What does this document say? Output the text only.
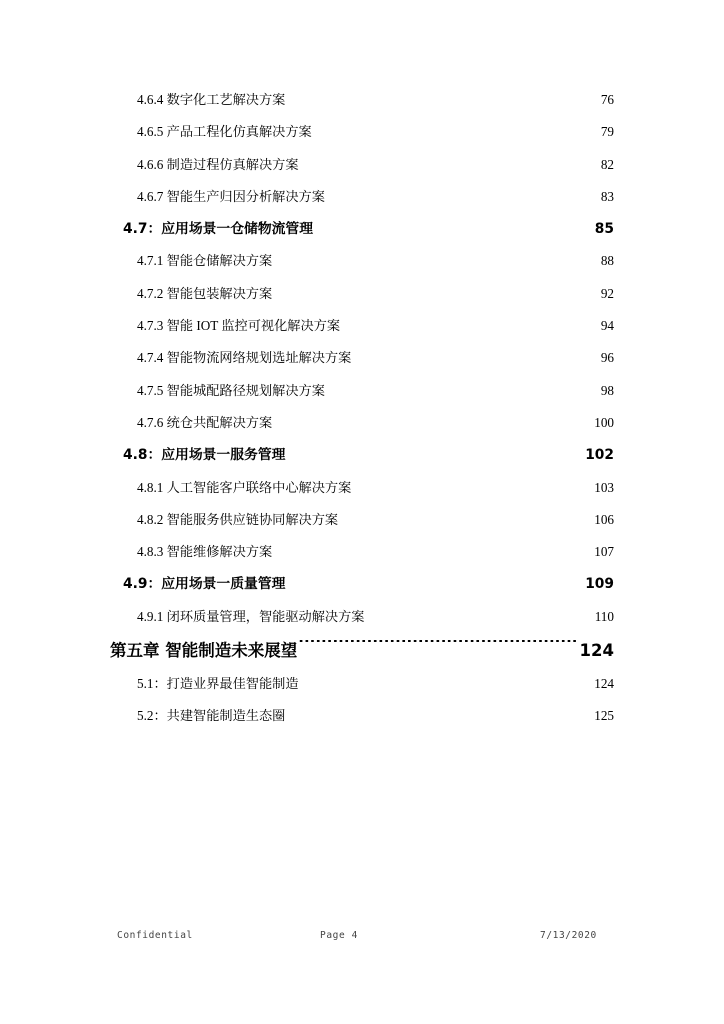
4.6.4 数字化工艺解决方案 .....	76
4.6.5 产品工程化仿真解决方案 .....	79
4.6.6 制造过程仿真解决方案 .....	82
4.6.7 智能生产归因分析解决方案 .....	83
4.7：应用场景一仓储物流管理 .....	85
4.7.1 智能仓储解决方案 .....	88
4.7.2 智能包装解决方案 .....	92
4.7.3 智能 IOT 监控可视化解决方案 .....	94
4.7.4 智能物流网络规划选址解决方案 .....	96
4.7.5 智能城配路径规划解决方案 .....	98
4.7.6 统仓共配解决方案 .....	100
4.8：应用场景一服务管理 .....	102
4.8.1 人工智能客户联络中心解决方案 .....	103
4.8.2 智能服务供应链协同解决方案 .....	106
4.8.3 智能维修解决方案 .....	107
4.9：应用场景一质量管理 .....	109
4.9.1 闭环质量管理，智能驱动解决方案 .....	110
第五章 智能制造未来展望 .....	124
5.1：打造业界最佳智能制造 .....	124
5.2：共建智能制造生态圈 .....	125
Confidential	Page 4	7/13/2020
